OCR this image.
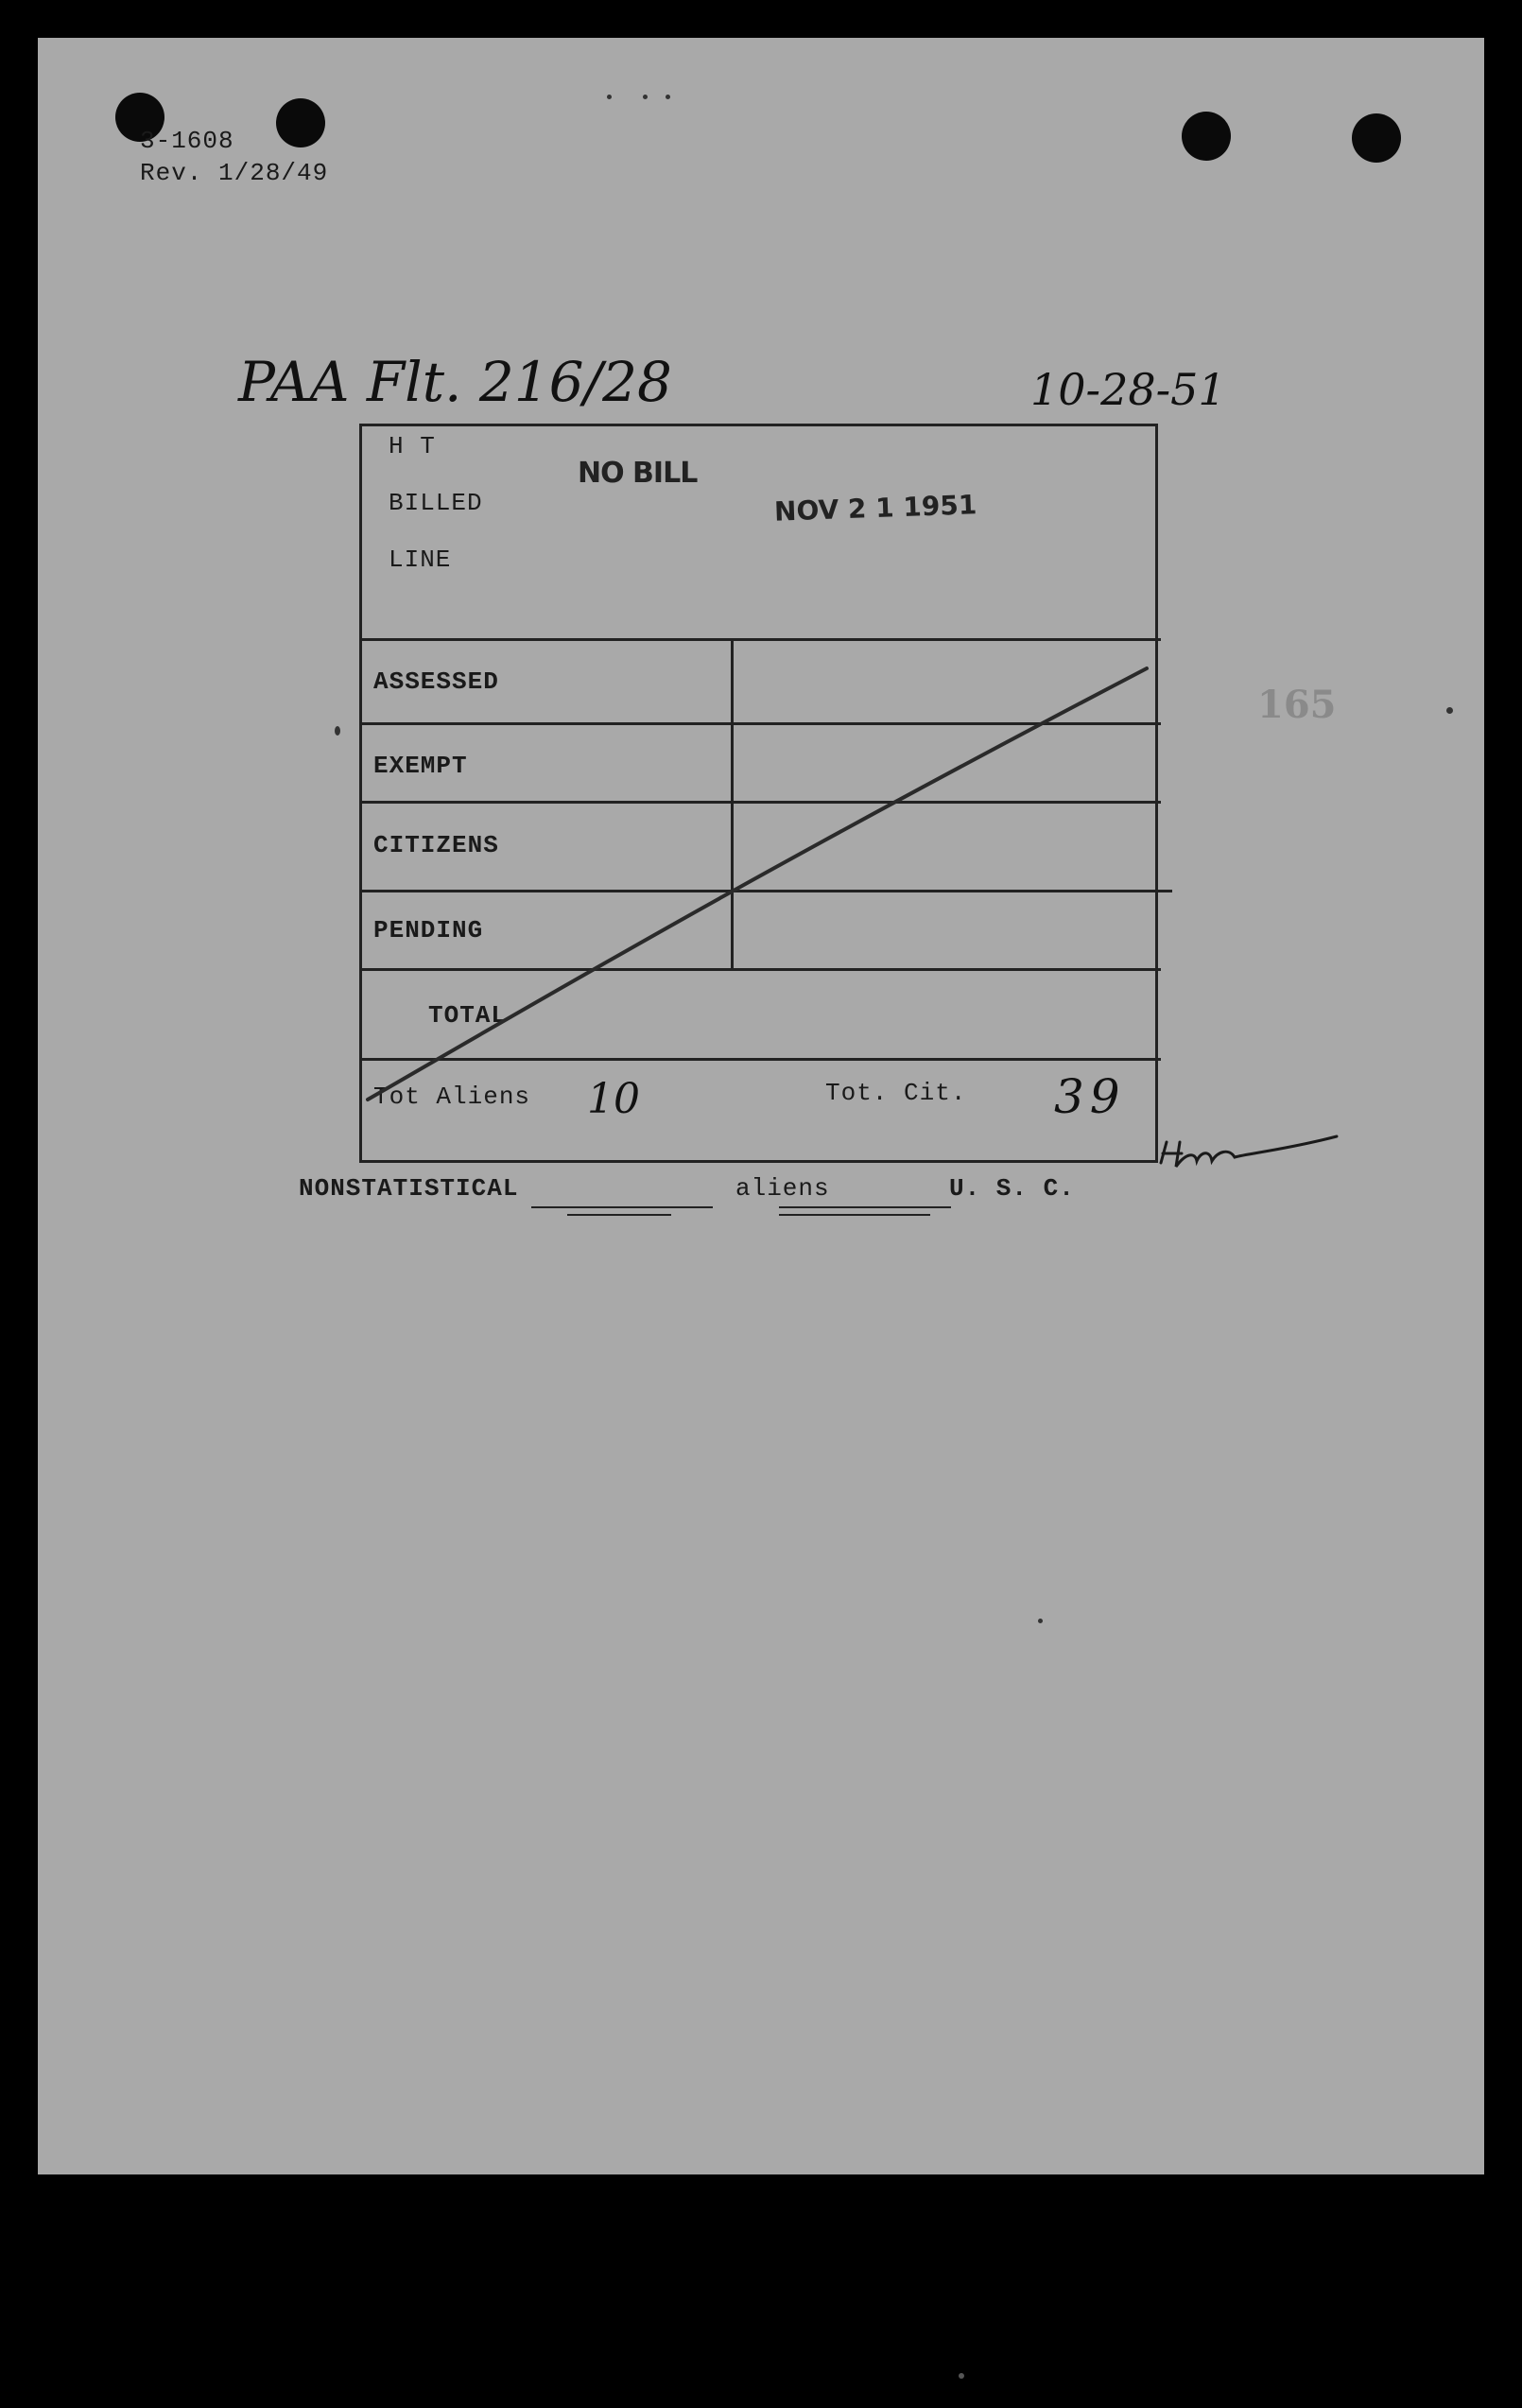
3-1608
Rev. 1/28/49
PAA Flt. 216/28	10-28-51
165
H T
BILLED
LINE
NO BILL
NOV 2 1 1951
ASSESSED
EXEMPT
CITIZENS
PENDING
TOTAL
Tot Aliens 10	Tot. Cit. 39
NONSTATISTICAL	aliens	U. S. C.
